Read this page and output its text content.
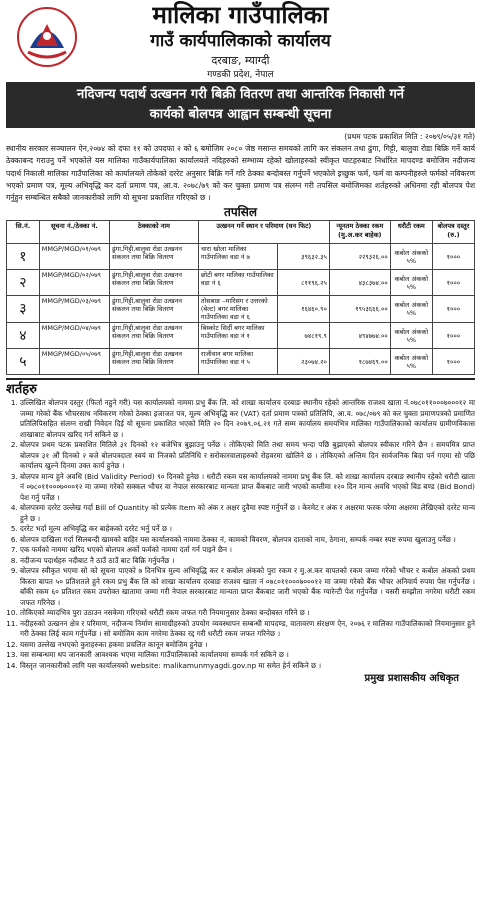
मालिका गाउँपालिका
गाउँ कार्यपालिकाको कार्यालय
दरबाङ, म्याग्दी
गण्डकी प्रदेश, नेपाल
नदिजन्य पदार्थ उत्खनन गरी बिक्री वितरण तथा आन्तरिक निकासी गर्ने
कार्यको बोलपत्र आह्वान सम्बन्धी सूचना
(प्रथम पटक प्रकाशित मिति : २०७९/०५/३१ गते)
स्थानीय सरकार सञ्चालन ऐन,२०७४ को दफा ११ को उपदफा २ को ६ बमोजिम २०८० जेष्ठ मसान्त समयको लागि कर संकलन तथा ढुंगा, गिट्टी, बालुवा रोडा बिक्रि गर्ने कार्य ठेक्काबन्द गराउनु पर्ने भएकोले यस मालिका गाउँकार्यपालिका कार्यालयले नदिहरुको सम्भाव्य रहेको खोलाहरुको स्वीकृत घाटहरुबाट निर्धारित मापदण्ड बमोजिम नदीजन्य पदार्थ निकाली मालिका गाउँपालिका को कार्यालयले तोकेको दररेट अनुसार बिक्रि गर्ने गरि ठेक्का बन्दोबस्त गर्नुपर्ने भएकोले इच्छुक फर्म, फर्म वा कम्पनीहरुले फर्मको नविकरण भएको प्रमाण पत्र, मूल्य अभिवृद्धि कर दर्ता प्रमाण पत्र, आ.व. २०७८/७९ को कर चुक्ता प्रमाण पत्र संलग्न गरी तपसिल बमोजिमका शर्तहरुको अधिनमा रही बोलपत्र पेश गर्नुहुन सम्बन्धित सबैको जानकारीको लागि यो सूचना प्रकाशित गरिएको छ ।
तपसिल
सि.नं.	सूचना नं./ठेक्का नं.	ठेक्काको नाम	उत्खनन गर्ने स्थान र परिमाण (घन फिट)		न्यूनतम ठेक्का रकम (मु.अ.कर बाहेक)	धरौटी रकम	बोलपत्र दस्तुर (रु.)
१	MMGP/MGD/०१/०७९	ढुंगा,गिट्टी,बालुवा रोडा उत्खनन संकलन तथा बिक्रि वितरण	चारा खोला मालिका गाउँपालिका वडा नं ७	३९६३२.३५	२२९३२६.००	कबोल अंकको ५%	१०००
२	MMGP/MGD/०२/०७९	ढुंगा,गिट्टी,बालुवा रोडा उत्खनन संकलन तथा बिक्रि वितरण	छोटी बगर मालिका गाउँपालिका वडा नं ६	८११९६.२५	४३८३७४.००	कबोल अंकको ५%	१०००
३	MMGP/MGD/०३/०७९	ढुंगा,गिट्टी,बालुवा रोडा उत्खनन संकलन तथा बिक्रि वितरण	तोसबाङ –मारिसंग र उत्तरको (बेल्ट) बगर मालिका गाउँपालिका वडा नं ६	१६४६०.९०	१९५३६६६.००	कबोल अंकको ५%	१०००
४	MMGP/MGD/०४/०७९	ढुंगा,गिट्टी,बालुवा रोडा उत्खनन संकलन तथा बिक्रि वितरण	बिस्कोट सिर्दी बगर मालिका गाउँपालिका वडा नं १	७४८१९.९	४९४७७४.००	कबोल अंकको ५%	१०००
५	MMGP/MGD/०५/०७९	ढुंगा,गिट्टी,बालुवा रोडा उत्खनन संकलन तथा बिक्रि वितरण	राजीवान बगर मालिका गाउँपालिका वडा नं ५	२३०७४.२०	१८७४६९.००	कबोल अंकको ५%	१०००
शर्तहरु
1. उल्लिखित बोलपत्र दस्तुर (फिर्ता नहुने गरी) यस कार्यालयको नाममा प्रभु बैंक लि. को शाखा कार्यालय दरबाङ स्थानीय रहेको आन्तरिक राजश्व खाता नं.०७८०११०००७०००१२ मा जम्मा गरेको बैंक भौचरसाथ नविकरण गरेको ठेक्का इजाजत पत्र, मूल्य अभिवृद्धि कर (VAT) दर्ता प्रमाण पत्रको प्रतिलिपि, आ.व. ०७८/०७९ को कर चुक्ता प्रमाणपत्रको प्रमाणित प्रतिलिपिसहित संलग्न राखी निवेदन दिई यो सूचना प्रकाशित भएको मिति २० दिन २०७९.०६.२१ गते सम्म कार्यालय समयभित्र मालिका गाउँपालिकाको कार्यालय ग्रामीणविकास शाखाबाट बोलपत्र खरिद गर्न सकिने छ ।
2. बोलपत्र प्रथम पटक प्रकाशित मितिले ३१ दिनको १२ बजेभित्र बुझाउनु पर्नेछ । तोकिएको मिति तथा समय भन्दा पछि बुझाएको बोलपत्र स्वीकार गरिने छैन । समयमित्र प्राप्त बोलपत्र ३१ औं दिनको २ बजे बोलपत्रदाता स्वयं वा निजको प्रतिनिधि र सरोकारवालाहरुको रोहवरमा खोलिने छ । तोकिएको अन्तिम दिन सार्वजनिक बिदा पर्न गएमा सो पछि कार्यालय खुल्ने दिनमा उक्त कार्य हुनेछ ।
3. बोलपत्र मान्य हुने अवधि (Bid Validity Period) ९० दिनको हुनेछ । धरौटी रकम यस कार्यालयको नाममा प्रभु बैंक लि. को शाखा कार्यालय दरबाङ स्थानीय रहेको धरौटी खाता नं ०७८०११०००७०००१२ मा जम्मा गरेको सक्कल भौचर वा नेपाल सरकारबाट मान्यता प्राप्त बैंकबाट जारी भएको कम्तीमा १२० दिन मान्य अवधि भएको बिड बण्ड (Bid Bond) पेश गर्नु पर्नेछ ।
4. बोलपत्रमा दररेट उल्लेख गर्दा Bill of Quantity को प्रत्येक Item को अंक र अक्षर दुवैमा स्पष्ट गर्नुपर्ने छ । केरमेट र अंक र अक्षरमा फरक परेमा अक्षरमा लेखिएको दररेट मान्य हुने छ ।
5. दररेट भर्दा मूल्य अभिवृद्धि कर बाहेकको दररेट भर्नु पर्ने छ ।
6. बोलपत्र दाखिला गर्दा सिलबन्दी खामको बाहिर यस कार्यालयको नाममा ठेक्का नं, कामको विवरण, बोलपत्र दाताको नाम, ठेगाना, सम्पर्क नम्बर स्पष्ट रुपमा खुलाउनु पर्नेछ ।
7. एक फर्मको नाममा खरिद भएको बोलपत्र अर्को फर्मको नाममा दर्ता गर्न पाइने छैन ।
8. नदीजन्य पदार्थहरु नदीबाट नै ठाउँ ठाउँ बाट बिक्रि गर्नुपर्नेछ ।
9. बोलपत्र स्वीकृत भएमा सो को सूचना पाएको ७ दिनभित्र मुल्य अभिवृद्धि कर र कबोल अंकको पुरा रकम र मु.अ.कर वापतको रकम जम्मा गरेको भौचर र कबोल अंकको प्रथम किस्ता बापत ५० प्रतिशतले हुने रकम प्रभु बैंक लि को शाखा कार्यालय दरबाङ राजश्व खाता नं ०७८०११०००७०००१२ मा जम्मा गरेको बैंक भौचर अनिवार्य रुपमा पेस गर्नुपर्नेछ । बाँकी रकम ६० प्रतिशत रकम उपरोक्त खातामा जम्मा गरी नेपाल सरकारबाट मान्यता प्राप्त बैंकबाट जारी भएको बैंक ग्यारेन्टी पेश गर्नुपर्नेछ । यसरी सम्झौता नगरेमा धरौटी रकम जफत गरिनेछ ।
10. तोकिएको म्यादभित्र पुरा उठाउन नसकेमा गरिएको धरौटी रकम जफत गरी नियमानुसार ठेक्का बन्दोबस्त गरिने छ ।
11. नदीहरुको उत्खनन क्षेत्र र परिमाण, नदीजन्य निर्माण सामाग्रीहरुको उपयोग व्यवस्थापन सम्बन्धी मापदण्ड, वातावरण संरक्षण ऐन, २०७६ र मालिका गाउँपालिकाको नियमानुसार हुने गरी ठेक्का लिई काम गर्नुपर्नेछ । सो बमोजिम काम नगरेमा ठेक्का रद्द गरी धरौटी रकम जफत गरिनेछ ।
12. यसमा उल्लेख नभएको कुराहरुका हकमा प्रचलित कानून बमोजिम हुनेछ ।
13. यस सम्बन्धमा थप जानकारी आवश्यक भएमा मालिका गाउँपालिकाको कार्यालयमा सम्पर्क गर्न सकिने छ ।
14. विस्तृत जानकारीको लागि यस कार्यालयको website: malikamunmyagdi.gov.np मा समेत हेर्न सकिने छ ।
प्रमुख प्रशासकीय अधिकृत
